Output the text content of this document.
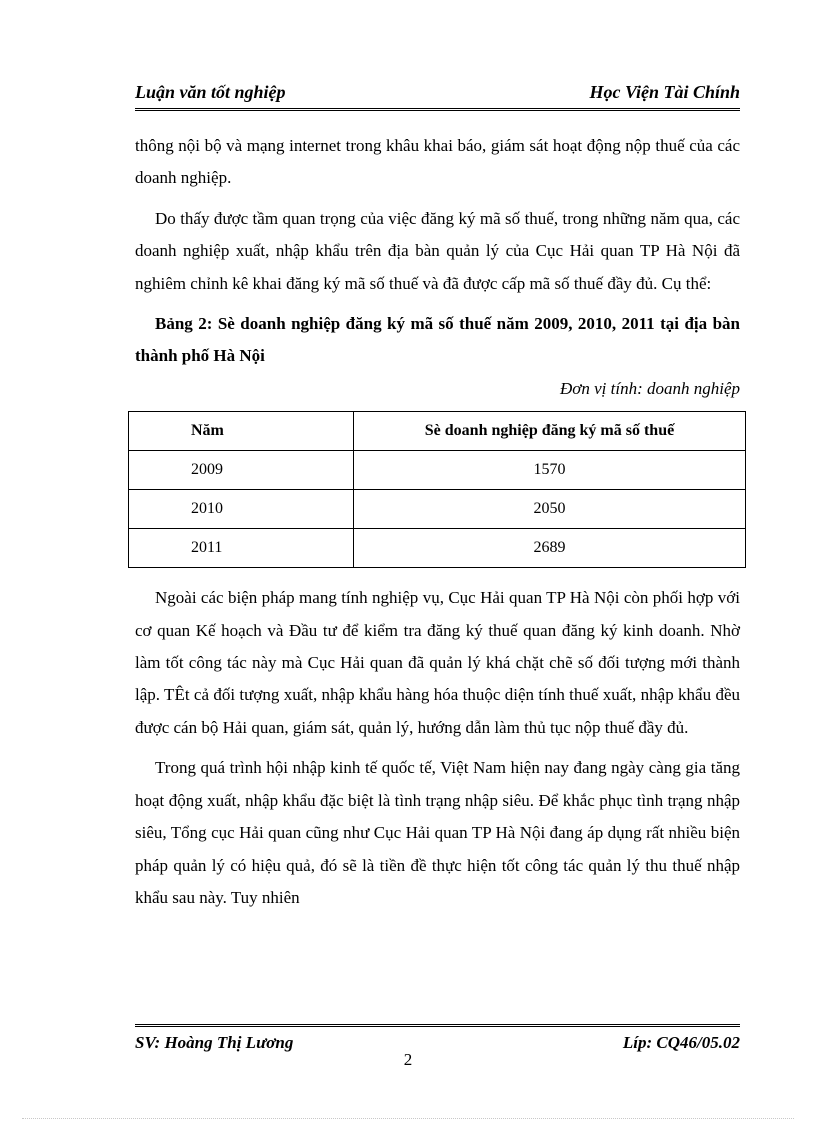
Luận văn tốt nghiệp	Học Viện Tài Chính

thông nội bộ và mạng internet trong khâu khai báo, giám sát hoạt động nộp thuế của các doanh nghiệp.

Do thấy được tầm quan trọng của việc đăng ký mã số thuế, trong những năm qua, các doanh nghiệp xuất, nhập khẩu trên địa bàn quản lý của Cục Hải quan TP Hà Nội đã nghiêm chỉnh kê khai đăng ký mã số thuế và đã được cấp mã số thuế đầy đủ. Cụ thể:

Bảng 2: Sè doanh nghiệp đăng ký mã số thuế năm 2009, 2010, 2011 tại địa bàn thành phố Hà Nội

Đơn vị tính: doanh nghiệp

Năm	Sè doanh nghiệp đăng ký mã số thuế
2009	1570
2010	2050
2011	2689

Ngoài các biện pháp mang tính nghiệp vụ, Cục Hải quan TP Hà Nội còn phối hợp với cơ quan Kế hoạch và Đầu tư để kiểm tra đăng ký thuế quan đăng ký kinh doanh. Nhờ làm tốt công tác này mà Cục Hải quan đã quản lý khá chặt chẽ số đối tượng mới thành lập. TÊt cả đối tượng xuất, nhập khẩu hàng hóa thuộc diện tính thuế xuất, nhập khẩu đều được cán bộ Hải quan, giám sát, quản lý, hướng dẫn làm thủ tục nộp thuế đầy đủ.

Trong quá trình hội nhập kinh tế quốc tế, Việt Nam hiện nay đang ngày càng gia tăng hoạt động xuất, nhập khẩu đặc biệt là tình trạng nhập siêu. Để khắc phục tình trạng nhập siêu, Tổng cục Hải quan cũng như Cục Hải quan TP Hà Nội đang áp dụng rất nhiều biện pháp quản lý có hiệu quả, đó sẽ là tiền đề thực hiện tốt công tác quản lý thu thuế nhập khẩu sau này. Tuy nhiên

SV: Hoàng Thị Lương	Líp: CQ46/05.02
2
